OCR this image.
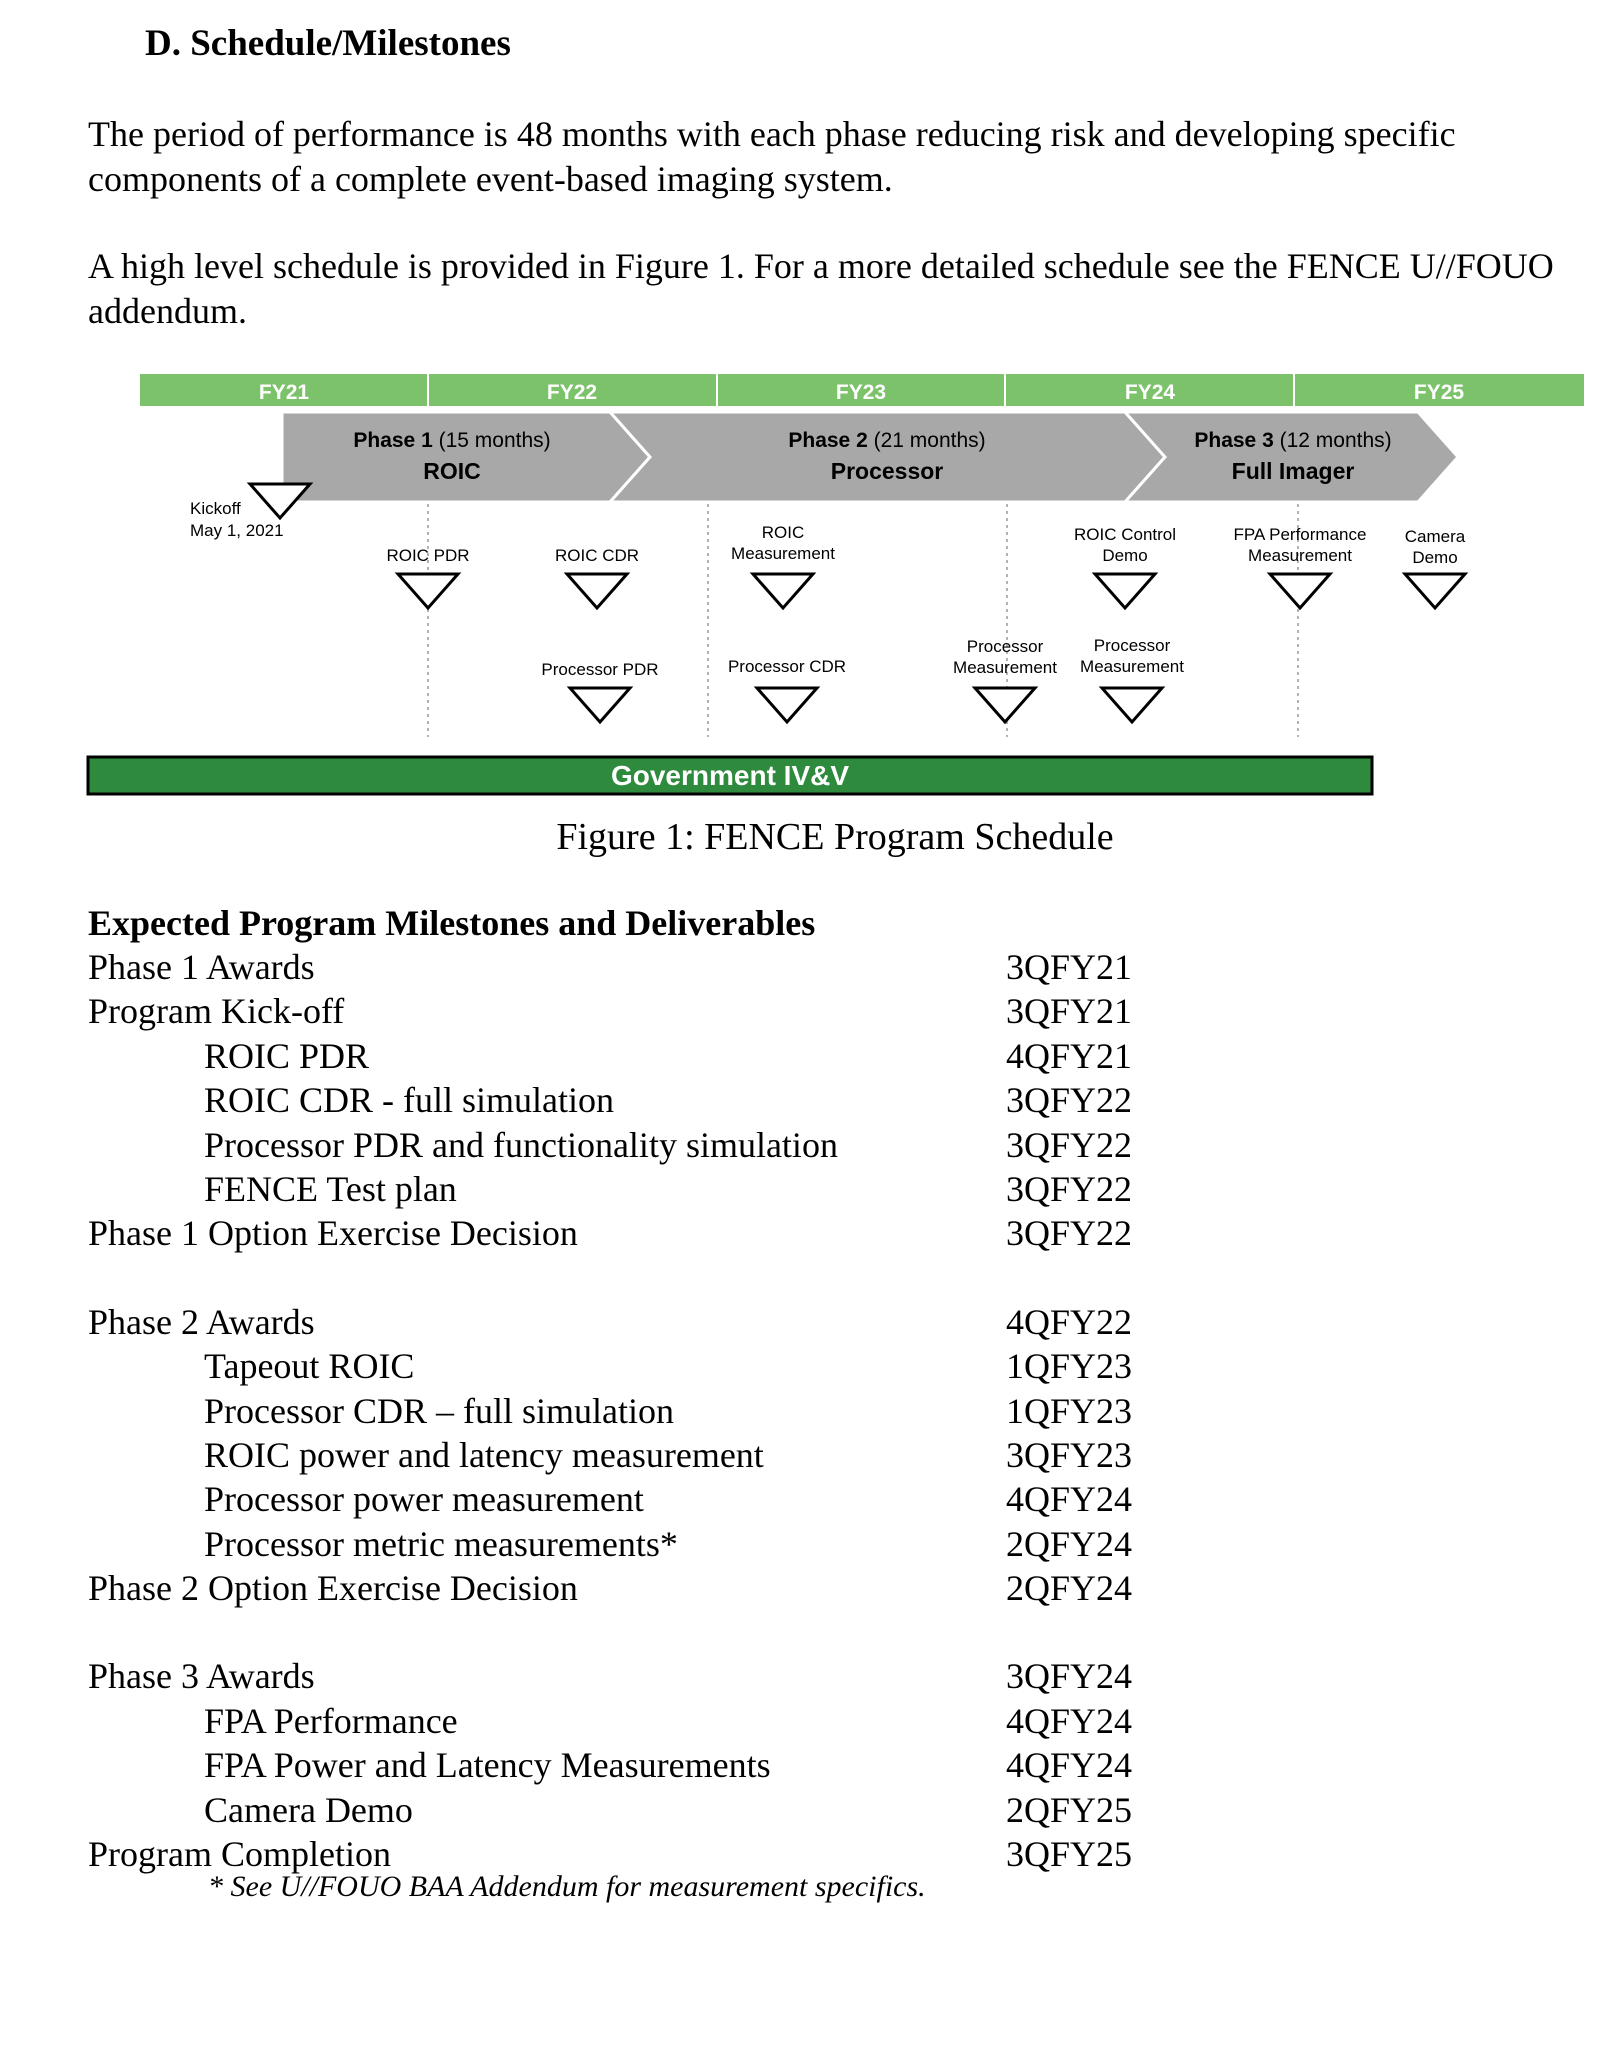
D. Schedule/Milestones
The period of performance is 48 months with each phase reducing risk and developing specific components of a complete event-based imaging system.
A high level schedule is provided in Figure 1. For a more detailed schedule see the FENCE U//FOUO addendum.
FY21	FY22	FY23	FY24	FY25
Phase 1 (15 months)
ROIC
Phase 2 (21 months)
Processor
Phase 3 (12 months)
Full Imager
Kickoff
May 1, 2021
ROIC PDR	ROIC CDR
ROIC
Measurement
ROIC Control
Demo
FPA Performance
Measurement
Camera
Demo
Processor PDR	Processor CDR
Processor
Measurement
Processor
Measurement
Government IV&V
Figure 1: FENCE Program Schedule
Expected Program Milestones and Deliverables
Phase 1 Awards	3QFY21
Program Kick-off	3QFY21
ROIC PDR	4QFY21
ROIC CDR - full simulation	3QFY22
Processor PDR and functionality simulation	3QFY22
FENCE Test plan	3QFY22
Phase 1 Option Exercise Decision	3QFY22
Phase 2 Awards	4QFY22
Tapeout ROIC	1QFY23
Processor CDR – full simulation	1QFY23
ROIC power and latency measurement	3QFY23
Processor power measurement	4QFY24
Processor metric measurements*	2QFY24
Phase 2 Option Exercise Decision	2QFY24
Phase 3 Awards	3QFY24
FPA Performance	4QFY24
FPA Power and Latency Measurements	4QFY24
Camera Demo	2QFY25
Program Completion	3QFY25
* See U//FOUO BAA Addendum for measurement specifics.
